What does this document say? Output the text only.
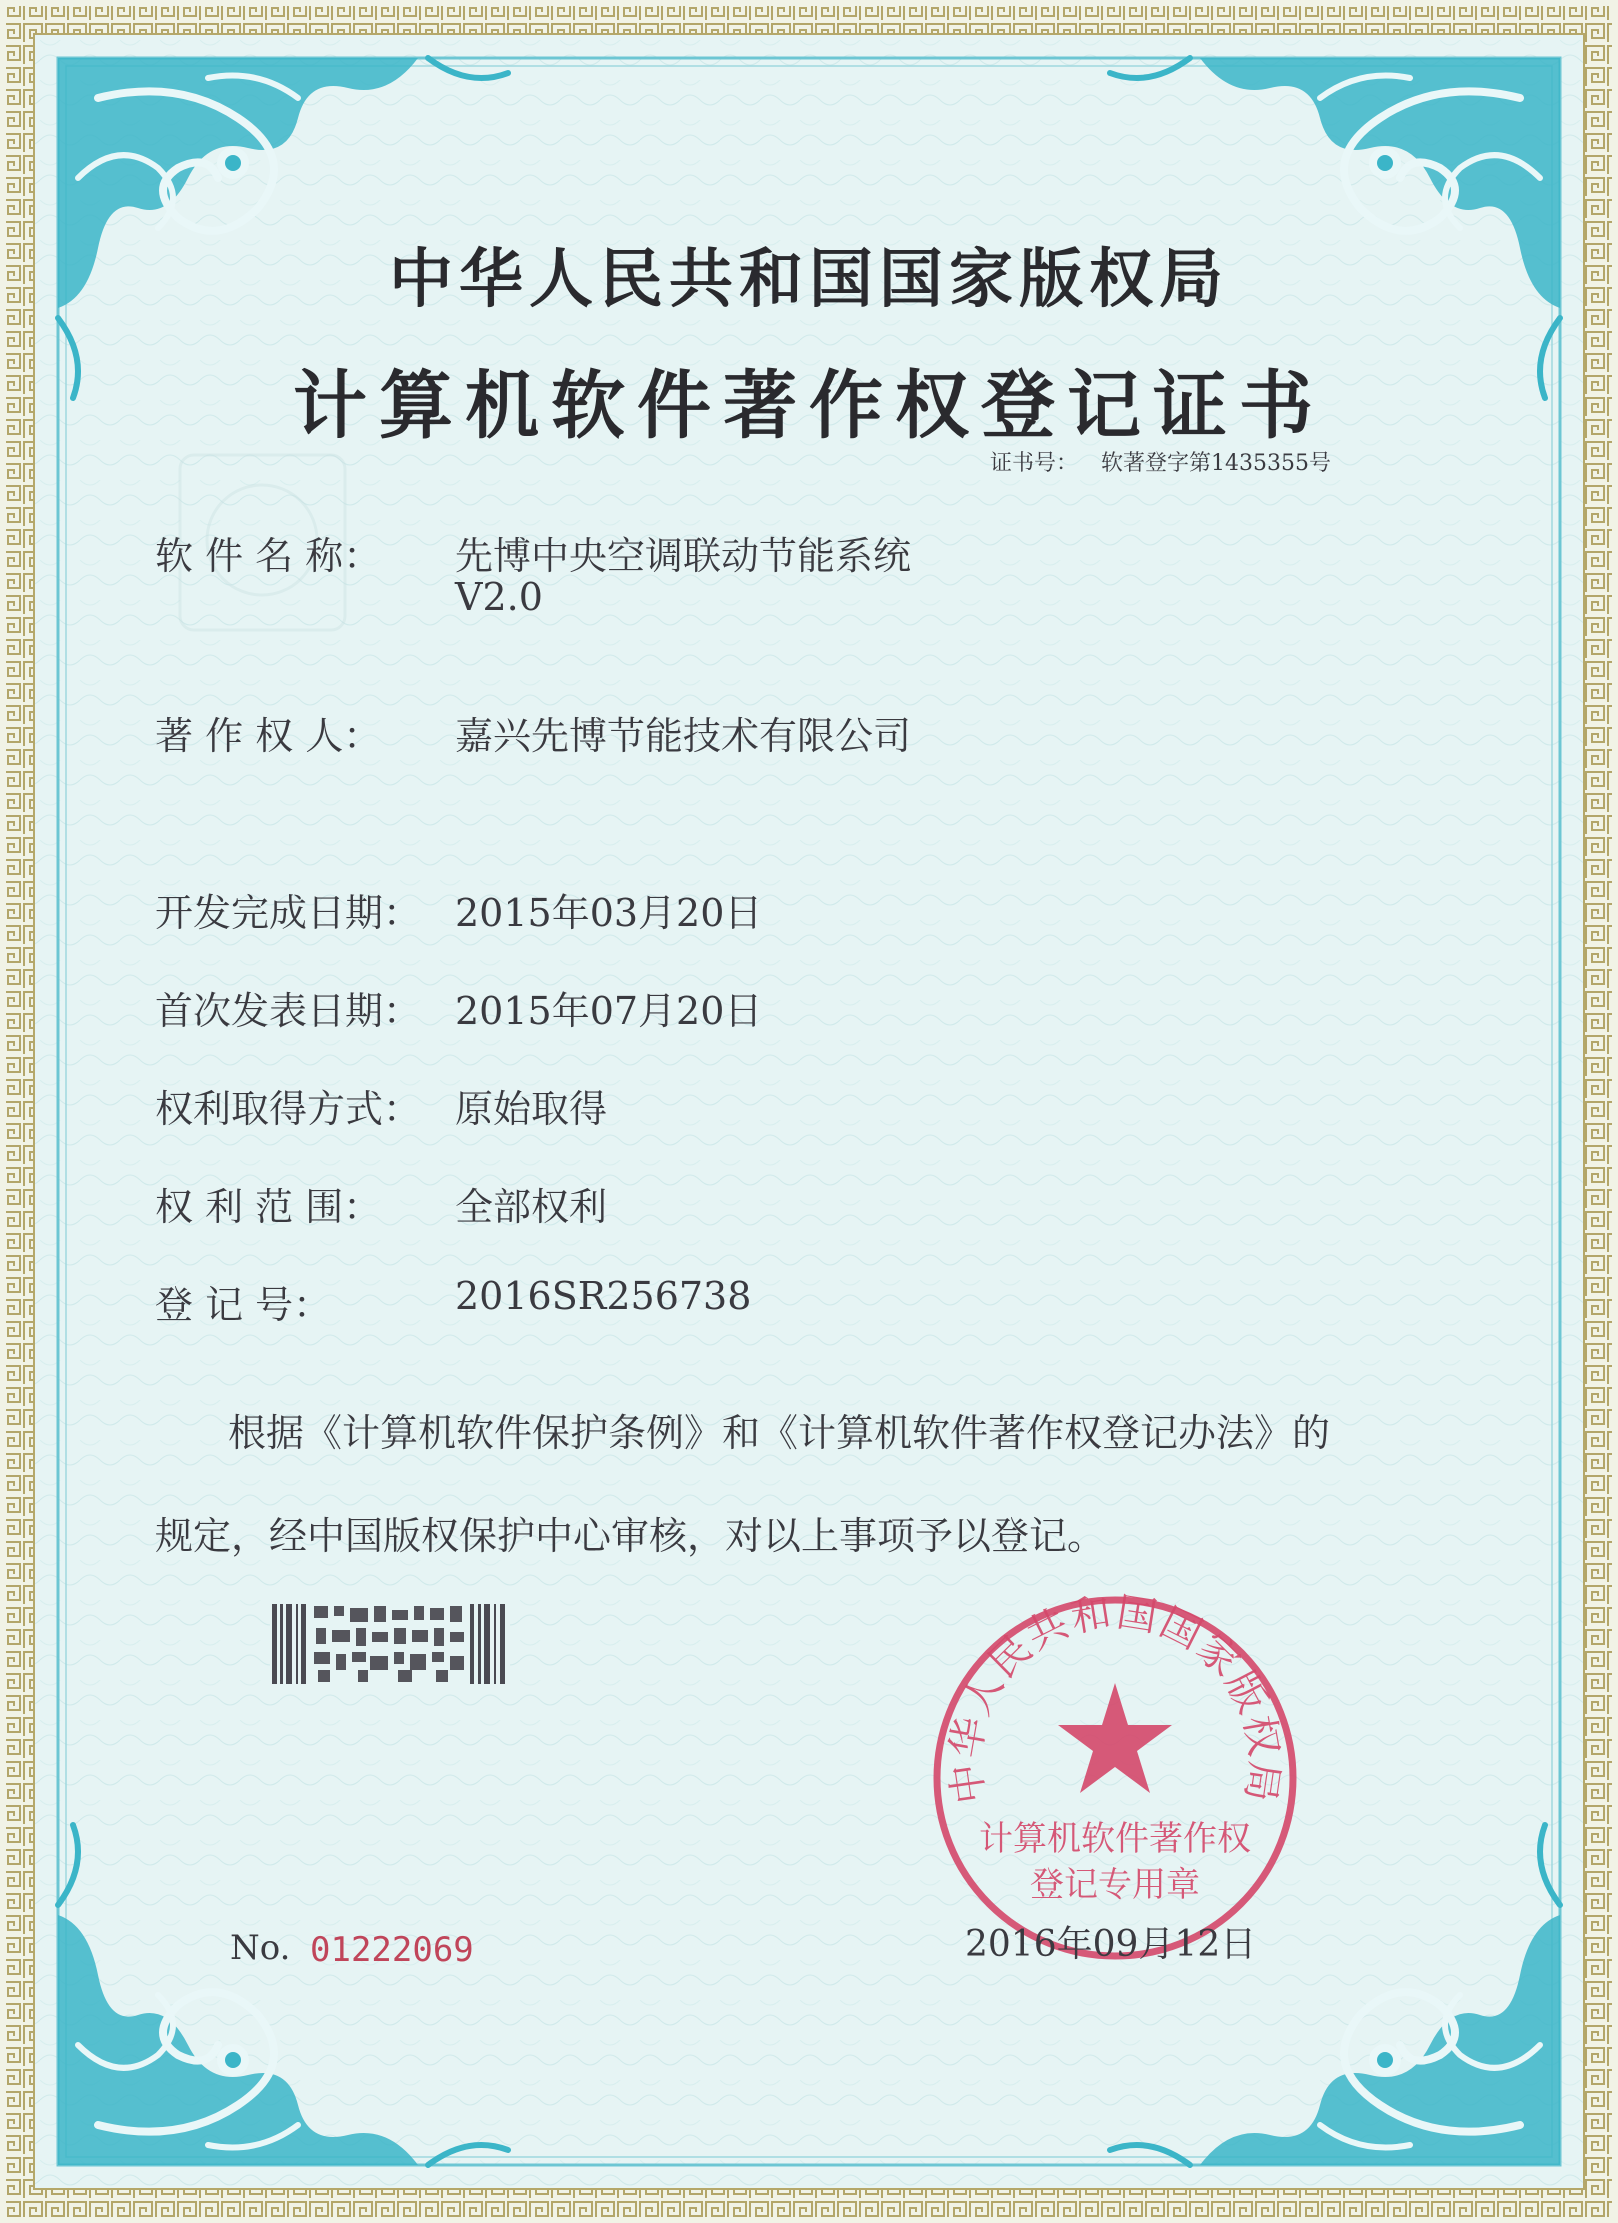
中华人民共和国国家版权局
计算机软件著作权登记证书
证书号： 软著登字第1435355号
软 件 名 称： 先博中央空调联动节能系统
V2.0
著 作 权 人： 嘉兴先博节能技术有限公司
开发完成日期： 2015年03月20日
首次发表日期： 2015年07月20日
权利取得方式： 原始取得
权 利 范 围： 全部权利
登 记 号：	2016SR256738
根据《计算机软件保护条例》和《计算机软件著作权登记办法》的
规定，经中国版权保护中心审核，对以上事项予以登记。
中华人民共和国国家版权局
计算机软件著作权
登记专用章
No. 01222069	2016年09月12日
